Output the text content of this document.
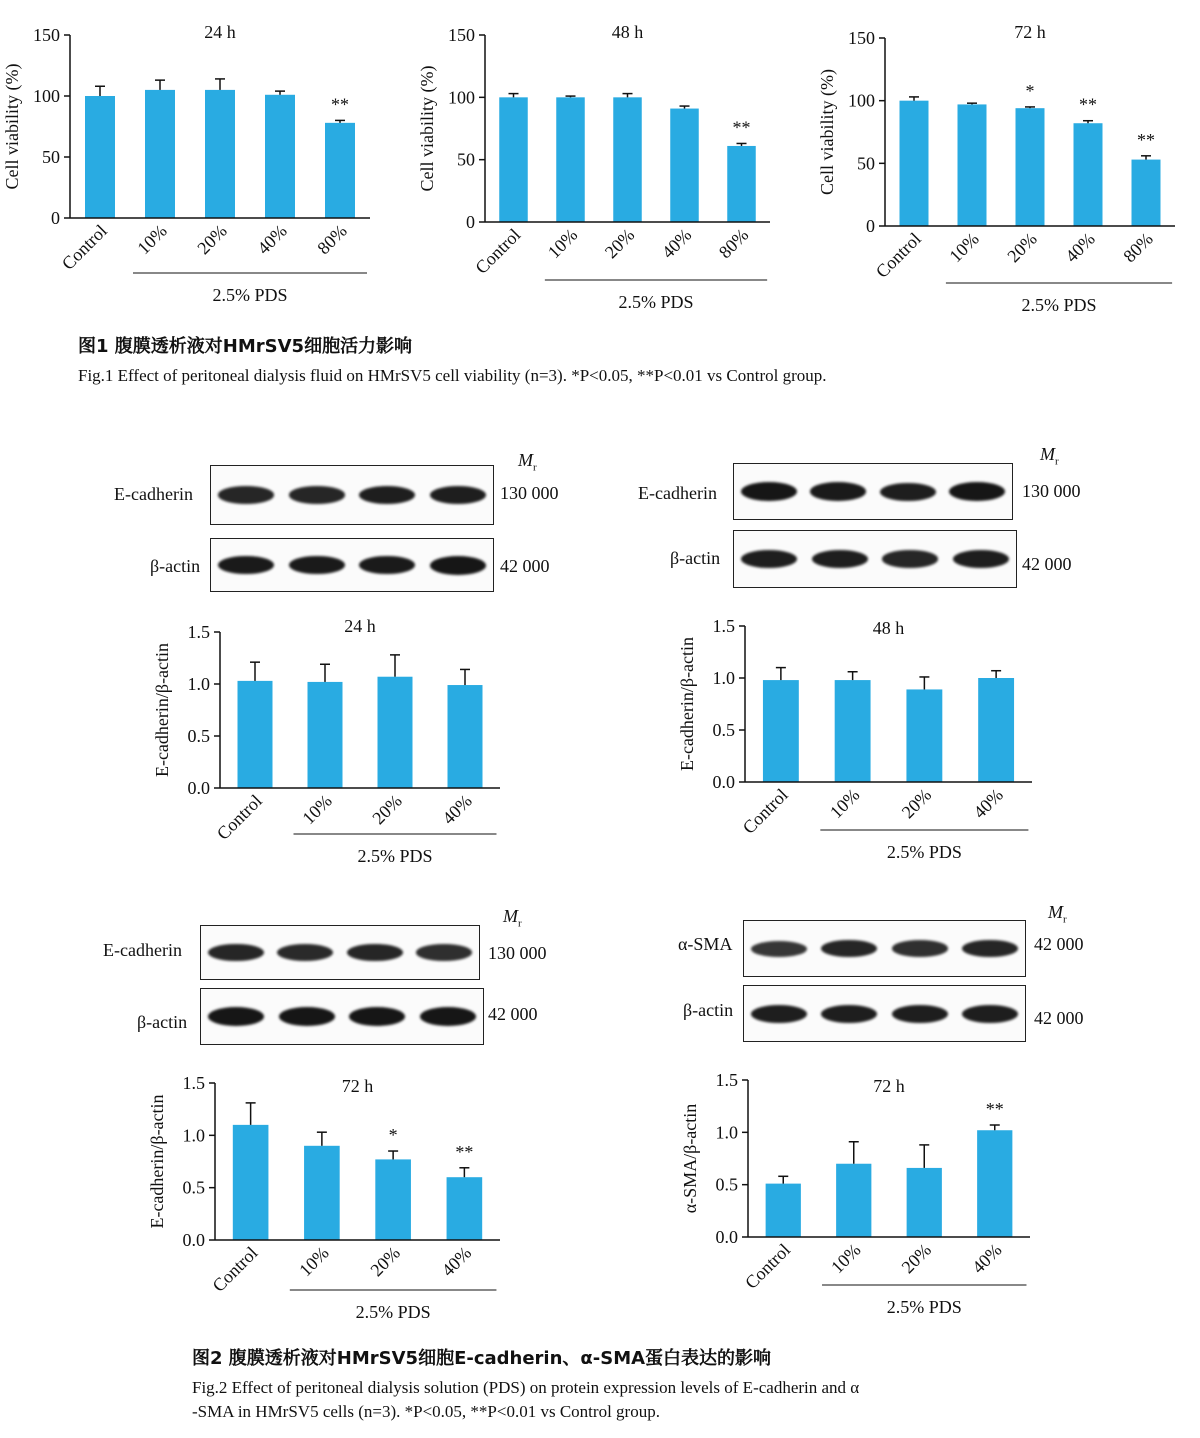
24 h
Cell viability (%)	**
0
50
100
150
Control 10% 20% 40% 80%
2.5% PDS
48 h
Cell viability (%)	**
0
50
100
150
Control 10% 20% 40% 80%
2.5% PDS
72 h
Cell viability (%)	*
**
**
0
50
100
150
Control 10% 20% 40% 80%
2.5% PDS
图1 腹膜透析液对HMrSV5细胞活力影响
Fig.1 Effect of peritoneal dialysis fluid on HMrSV5 cell viability (n=3). *P<0.05, **P<0.01 vs Control group.
$M_r$
E-cadherin	130 000
β-actin	42 000
$M_r$
E-cadherin	130 000
β-actin	42 000
$M_r$
E-cadherin	130 000
β-actin	42 000
$M_r$
α-SMA	42 000
β-actin	42 000
24 h
E-cadherin/β-actin
0.0
0.5
1.0
1.5
Control 10% 20% 40%
2.5% PDS
48 h
E-cadherin/β-actin
0.0
0.5
1.0
1.5
Control 10% 20% 40%
2.5% PDS
72 h
E-cadherin/β-actin	*
**
0.0
0.5
1.0
1.5
Control 10% 20% 40%
2.5% PDS
72 h
α-SMA/β-actin	**
0.0
0.5
1.0
1.5
Control 10% 20% 40%
2.5% PDS
图2 腹膜透析液对HMrSV5细胞E-cadherin、α-SMA蛋白表达的影响
Fig.2 Effect of peritoneal dialysis solution (PDS) on protein expression levels of E-cadherin and α
-SMA in HMrSV5 cells (n=3). *P<0.05, **P<0.01 vs Control group.
